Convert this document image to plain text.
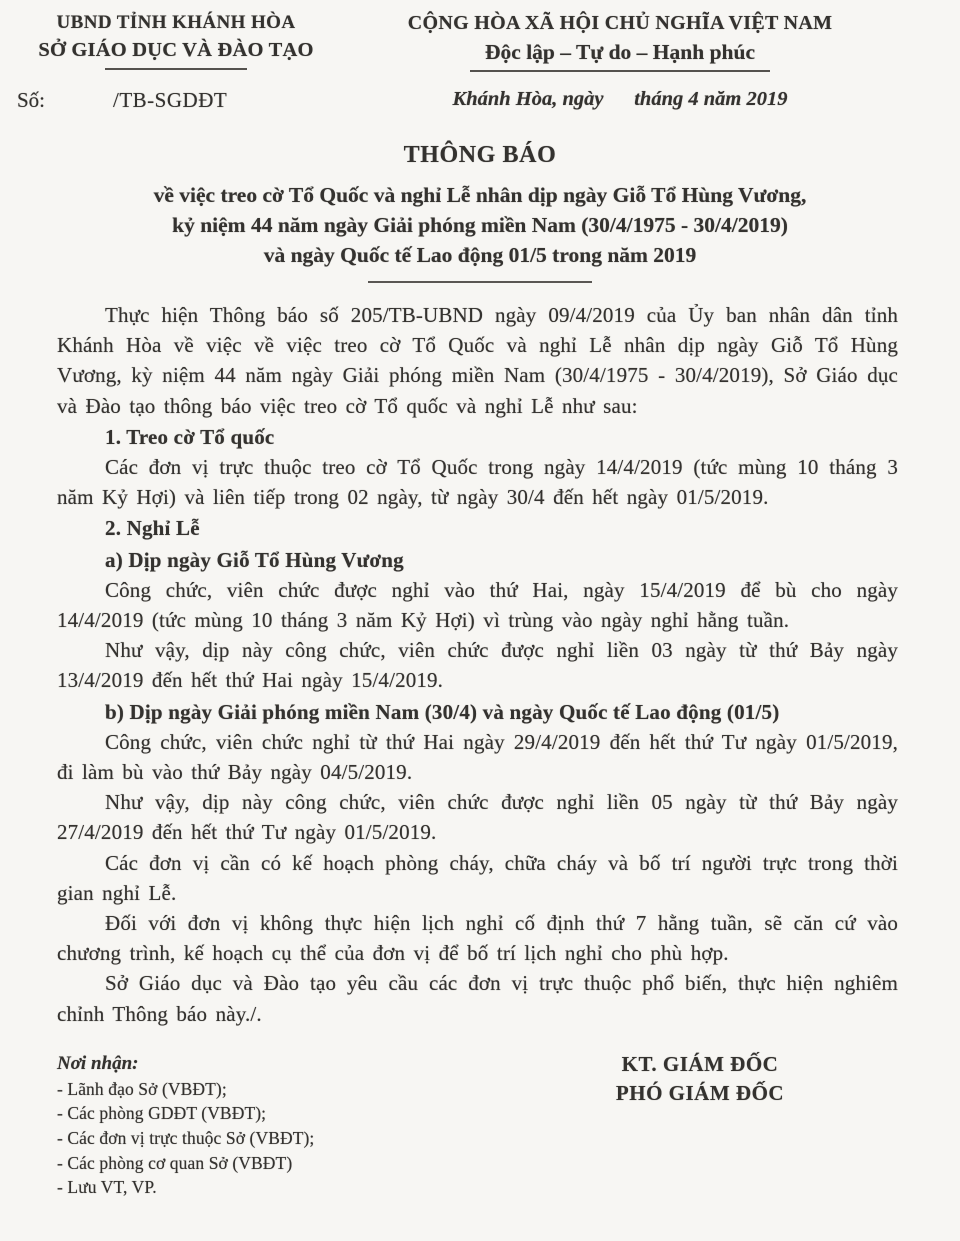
UBND TỈNH KHÁNH HÒA
SỞ GIÁO DỤC VÀ ĐÀO TẠO
Số:	/TB-SGDĐT
CỘNG HÒA XÃ HỘI CHỦ NGHĨA VIỆT NAM
Độc lập – Tự do – Hạnh phúc
Khánh Hòa, ngày      tháng 4 năm 2019
THÔNG BÁO
về việc treo cờ Tổ Quốc và nghỉ Lễ nhân dịp ngày Giỗ Tổ Hùng Vương,
kỷ niệm 44 năm ngày Giải phóng miền Nam (30/4/1975 - 30/4/2019)
và ngày Quốc tế Lao động 01/5 trong năm 2019

Thực hiện Thông báo số 205/TB-UBND ngày 09/4/2019 của Ủy ban nhân dân tỉnh Khánh Hòa về việc về việc treo cờ Tổ Quốc và nghỉ Lễ nhân dịp ngày Giỗ Tổ Hùng Vương, kỳ niệm 44 năm ngày Giải phóng miền Nam (30/4/1975 - 30/4/2019), Sở Giáo dục và Đào tạo thông báo việc treo cờ Tổ quốc và nghỉ Lễ như sau:

1. Treo cờ Tổ quốc

Các đơn vị trực thuộc treo cờ Tổ Quốc trong ngày 14/4/2019 (tức mùng 10 tháng 3 năm Kỷ Hợi) và liên tiếp trong 02 ngày, từ ngày 30/4 đến hết ngày 01/5/2019.

2. Nghỉ Lễ
a) Dịp ngày Giỗ Tổ Hùng Vương

Công chức, viên chức được nghỉ vào thứ Hai, ngày 15/4/2019 để bù cho ngày 14/4/2019 (tức mùng 10 tháng 3 năm Kỷ Hợi) vì trùng vào ngày nghỉ hằng tuần.

Như vậy, dịp này công chức, viên chức được nghỉ liền 03 ngày từ thứ Bảy ngày 13/4/2019 đến hết thứ Hai ngày 15/4/2019.

b) Dịp ngày Giải phóng miền Nam (30/4) và ngày Quốc tế Lao động (01/5)

Công chức, viên chức nghỉ từ thứ Hai ngày 29/4/2019 đến hết thứ Tư ngày 01/5/2019, đi làm bù vào thứ Bảy ngày 04/5/2019.

Như vậy, dịp này công chức, viên chức được nghỉ liền 05 ngày từ thứ Bảy ngày 27/4/2019 đến hết thứ Tư ngày 01/5/2019.

Các đơn vị cần có kế hoạch phòng cháy, chữa cháy và bố trí người trực trong thời gian nghỉ Lễ.

Đối với đơn vị không thực hiện lịch nghỉ cố định thứ 7 hằng tuần, sẽ căn cứ vào chương trình, kế hoạch cụ thể của đơn vị để bố trí lịch nghỉ cho phù hợp.

Sở Giáo dục và Đào tạo yêu cầu các đơn vị trực thuộc phổ biến, thực hiện nghiêm chỉnh Thông báo này./.

Nơi nhận:
- Lãnh đạo Sở (VBĐT);
- Các phòng GDĐT (VBĐT);
- Các đơn vị trực thuộc Sở (VBĐT);
- Các phòng cơ quan Sở (VBĐT)
- Lưu VT, VP.
KT. GIÁM ĐỐC
PHÓ GIÁM ĐỐC
